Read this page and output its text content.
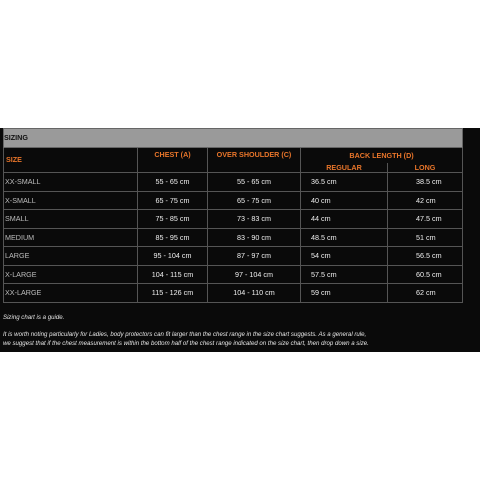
SIZING				
SIZE	CHEST (A)	OVER SHOULDER (C)	BACK LENGTH (D)	
			REGULAR	LONG
XX-SMALL	55 - 65 cm	55 - 65 cm	36.5 cm	38.5 cm
X-SMALL	65 - 75 cm	65 - 75 cm	40 cm	42 cm
SMALL	75 - 85 cm	73 - 83 cm	44 cm	47.5 cm
MEDIUM	85 - 95 cm	83 - 90 cm	48.5 cm	51 cm
LARGE	95 - 104 cm	87 - 97 cm	54 cm	56.5 cm
X-LARGE	104 - 115 cm	97 - 104 cm	57.5 cm	60.5 cm
XX-LARGE	115 - 126 cm	104 - 110 cm	59 cm	62 cm

Sizing chart is a guide.

It is worth noting particularly for Ladies, body protectors can fit larger than the chest range in the size chart suggests. As a general rule,

we suggest that if the chest measurement is within the bottom half of the chest range indicated on the size chart, then drop down a size.
